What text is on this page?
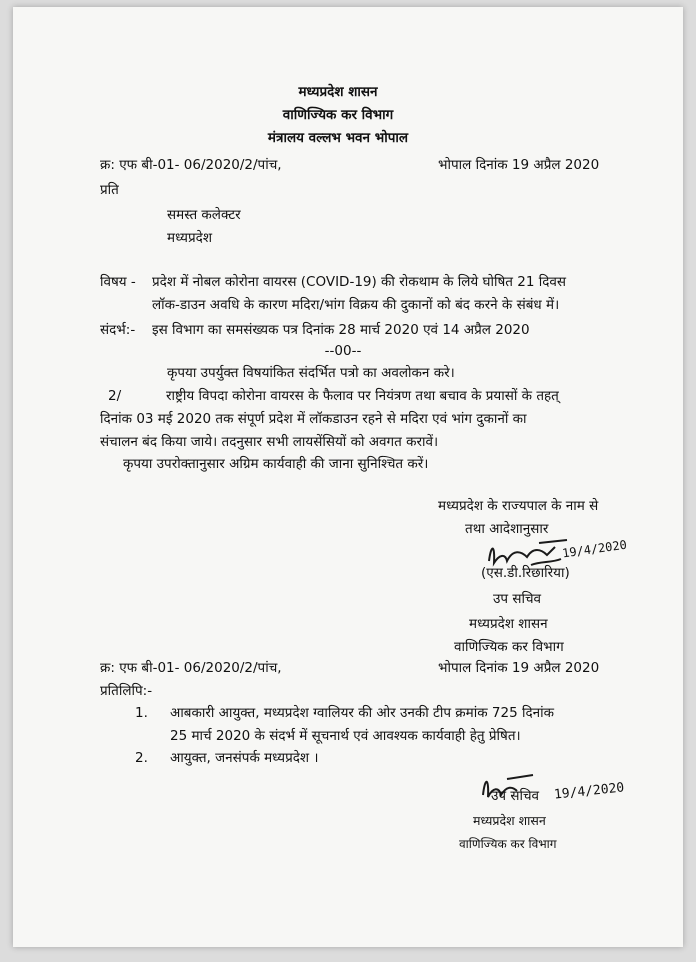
मध्यप्रदेश शासन
वाणिज्यिक कर विभाग
मंत्रालय वल्लभ भवन भोपाल
क्र: एफ बी-01- 06/2020/2/पांच,	भोपाल दिनांक 19 अप्रैल 2020
प्रति
समस्त कलेक्टर
मध्यप्रदेश
विषय - प्रदेश में नोबल कोरोना वायरस (COVID-19) की रोकथाम के लिये घोषित 21 दिवस
लॉक-डाउन अवधि के कारण मदिरा/भांग विक्रय की दुकानों को बंद करने के संबंध में।
संदर्भ:- इस विभाग का समसंख्यक पत्र दिनांक 28 मार्च 2020 एवं 14 अप्रैल 2020
--00--
कृपया उपर्युक्त विषयांकित संदर्भित पत्रो का अवलोकन करे।
2/	राष्ट्रीय विपदा कोरोना वायरस के फैलाव पर नियंत्रण तथा बचाव के प्रयासों के तहत्
दिनांक 03 मई 2020 तक संपूर्ण प्रदेश में लॉकडाउन रहने से मदिरा एवं भांग दुकानों का
संचालन बंद किया जाये। तदनुसार सभी लायसेंसियों को अवगत करावें।
कृपया उपरोक्तानुसार अग्रिम कार्यवाही की जाना सुनिश्चित करें।
मध्यप्रदेश के राज्यपाल के नाम से
तथा आदेशानुसार
19/4/2020
(एस.डी.रिछारिया)
उप सचिव
मध्यप्रदेश शासन
वाणिज्यिक कर विभाग
क्र: एफ बी-01- 06/2020/2/पांच,	भोपाल दिनांक 19 अप्रैल 2020
प्रतिलिपि:-
1. आबकारी आयुक्त, मध्यप्रदेश ग्वालियर की ओर उनकी टीप क्रमांक 725 दिनांक
25 मार्च 2020 के संदर्भ में सूचनार्थ एवं आवश्यक कार्यवाही हेतु प्रेषित।
2. आयुक्त, जनसंपर्क मध्यप्रदेश ।
उप सचिव 19/4/2020
मध्यप्रदेश शासन
वाणिज्यिक कर विभाग
